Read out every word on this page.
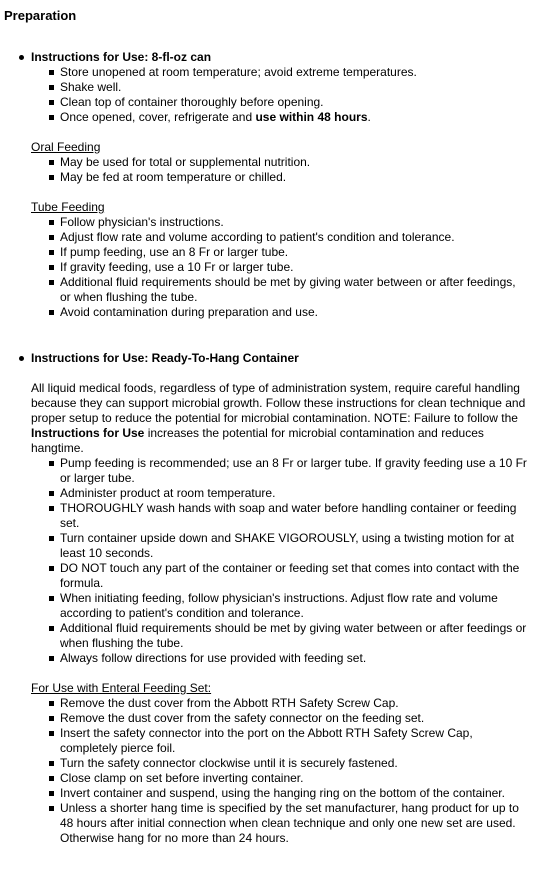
Preparation
Instructions for Use: 8-fl-oz can
Store unopened at room temperature; avoid extreme temperatures.
Shake well.
Clean top of container thoroughly before opening.
Once opened, cover, refrigerate and use within 48 hours.
Oral Feeding
May be used for total or supplemental nutrition.
May be fed at room temperature or chilled.
Tube Feeding
Follow physician's instructions.
Adjust flow rate and volume according to patient's condition and tolerance.
If pump feeding, use an 8 Fr or larger tube.
If gravity feeding, use a 10 Fr or larger tube.
Additional fluid requirements should be met by giving water between or after feedings, or when flushing the tube.
Avoid contamination during preparation and use.
Instructions for Use: Ready-To-Hang Container
All liquid medical foods, regardless of type of administration system, require careful handling because they can support microbial growth. Follow these instructions for clean technique and proper setup to reduce the potential for microbial contamination. NOTE: Failure to follow the Instructions for Use increases the potential for microbial contamination and reduces hangtime.
Pump feeding is recommended; use an 8 Fr or larger tube. If gravity feeding use a 10 Fr or larger tube.
Administer product at room temperature.
THOROUGHLY wash hands with soap and water before handling container or feeding set.
Turn container upside down and SHAKE VIGOROUSLY, using a twisting motion for at least 10 seconds.
DO NOT touch any part of the container or feeding set that comes into contact with the formula.
When initiating feeding, follow physician's instructions. Adjust flow rate and volume according to patient's condition and tolerance.
Additional fluid requirements should be met by giving water between or after feedings or when flushing the tube.
Always follow directions for use provided with feeding set.
For Use with Enteral Feeding Set:
Remove the dust cover from the Abbott RTH Safety Screw Cap.
Remove the dust cover from the safety connector on the feeding set.
Insert the safety connector into the port on the Abbott RTH Safety Screw Cap, completely pierce foil.
Turn the safety connector clockwise until it is securely fastened.
Close clamp on set before inverting container.
Invert container and suspend, using the hanging ring on the bottom of the container.
Unless a shorter hang time is specified by the set manufacturer, hang product for up to 48 hours after initial connection when clean technique and only one new set are used. Otherwise hang for no more than 24 hours.
